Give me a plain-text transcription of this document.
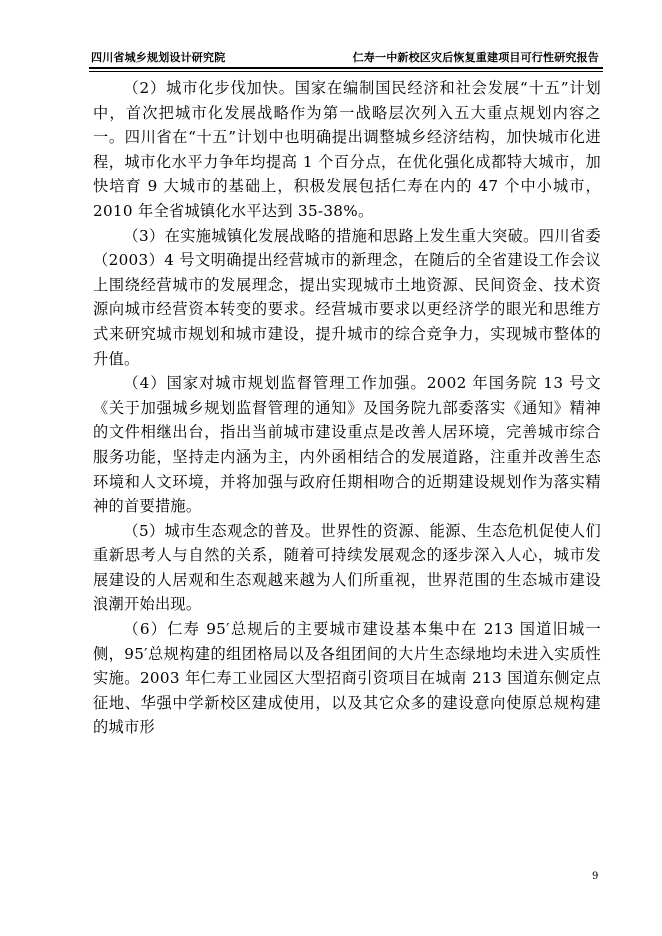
四川省城乡规划设计研究院	仁寿一中新校区灾后恢复重建项目可行性研究报告

（2）城市化步伐加快。国家在编制国民经济和社会发展“十五”计划中，首次把城市化发展战略作为第一战略层次列入五大重点规划内容之一。四川省在“十五”计划中也明确提出调整城乡经济结构，加快城市化进程，城市化水平力争年均提高 1 个百分点，在优化强化成都特大城市，加快培育 9 大城市的基础上，积极发展包括仁寿在内的 47 个中小城市，2010 年全省城镇化水平达到 35-38%。

（3）在实施城镇化发展战略的措施和思路上发生重大突破。四川省委（2003）4 号文明确提出经营城市的新理念，在随后的全省建设工作会议上围绕经营城市的发展理念，提出实现城市土地资源、民间资金、技术资源向城市经营资本转变的要求。经营城市要求以更经济学的眼光和思维方式来研究城市规划和城市建设，提升城市的综合竞争力，实现城市整体的升值。

（4）国家对城市规划监督管理工作加强。2002 年国务院 13 号文《关于加强城乡规划监督管理的通知》及国务院九部委落实《通知》精神的文件相继出台，指出当前城市建设重点是改善人居环境，完善城市综合服务功能，坚持走内涵为主，内外函相结合的发展道路，注重并改善生态环境和人文环境，并将加强与政府任期相吻合的近期建设规划作为落实精神的首要措施。

（5）城市生态观念的普及。世界性的资源、能源、生态危机促使人们重新思考人与自然的关系，随着可持续发展观念的逐步深入人心，城市发展建设的人居观和生态观越来越为人们所重视，世界范围的生态城市建设浪潮开始出现。

（6）仁寿 95′总规后的主要城市建设基本集中在 213 国道旧城一侧，95′总规构建的组团格局以及各组团间的大片生态绿地均未进入实质性实施。2003 年仁寿工业园区大型招商引资项目在城南 213 国道东侧定点征地、华强中学新校区建成使用，以及其它众多的建设意向使原总规构建的城市形

9
